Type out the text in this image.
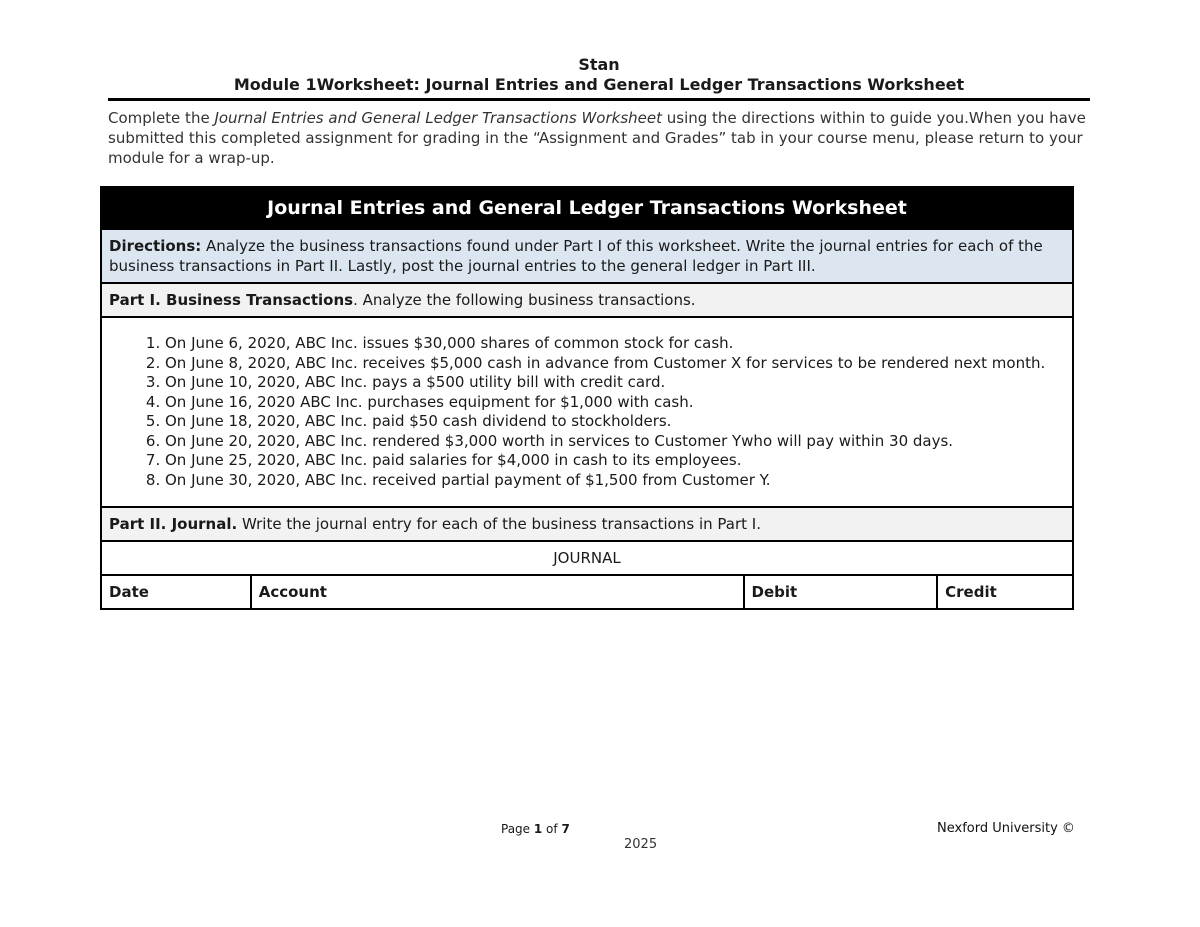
Stan
Module 1Worksheet: Journal Entries and General Ledger Transactions Worksheet
Complete the Journal Entries and General Ledger Transactions Worksheet using the directions within to guide you.When you have submitted this completed assignment for grading in the “Assignment and Grades” tab in your course menu, please return to your module for a wrap-up.
Journal Entries and General Ledger Transactions Worksheet
Directions: Analyze the business transactions found under Part I of this worksheet. Write the journal entries for each of the business transactions in Part II. Lastly, post the journal entries to the general ledger in Part III.
Part I. Business Transactions. Analyze the following business transactions.

1. On June 6, 2020, ABC Inc. issues $30,000 shares of common stock for cash.
2. On June 8, 2020, ABC Inc. receives $5,000 cash in advance from Customer X for services to be rendered next month.
3. On June 10, 2020, ABC Inc. pays a $500 utility bill with credit card.
4. On June 16, 2020 ABC Inc. purchases equipment for $1,000 with cash.
5. On June 18, 2020, ABC Inc. paid $50 cash dividend to stockholders.
6. On June 20, 2020, ABC Inc. rendered $3,000 worth in services to Customer Ywho will pay within 30 days.
7. On June 25, 2020, ABC Inc. paid salaries for $4,000 in cash to its employees.
8. On June 30, 2020, ABC Inc. received partial payment of $1,500 from Customer Y.

Part II. Journal. Write the journal entry for each of the business transactions in Part I.
JOURNAL
Date	Account	Debit	Credit
Page 1 of 7
2025
Nexford University ©
